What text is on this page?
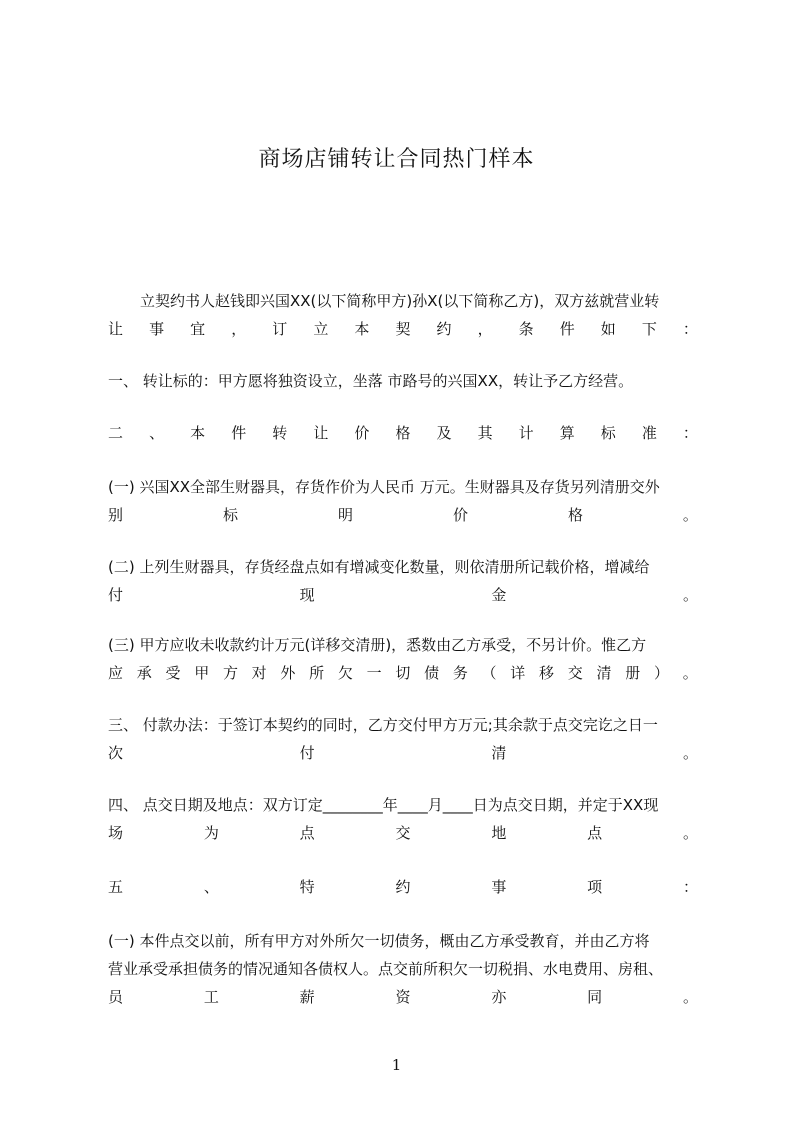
商场店铺转让合同热门样本
立契约书人赵钱即兴国XX(以下简称甲方)孙X(以下简称乙方)，双方兹就营业转
让 事 宜 ， 订 立 本 契 约 ， 条 件 如 下 ：
一、 转让标的：甲方愿将独资设立，坐落 市路号的兴国XX，转让予乙方经营。
二 、 本 件 转 让 价 格 及 其 计 算 标 准 ：
(一) 兴国XX全部生财器具，存货作价为人民币 万元。生财器具及存货另列清册交外
别	标	明	价	格	。
(二) 上列生财器具，存货经盘点如有增减变化数量，则依清册所记载价格，增减给
付	现	金	。
(三) 甲方应收未收款约计万元(详移交清册)，悉数由乙方承受，不另计价。惟乙方
应 承 受 甲 方 对 外 所 欠 一 切 债 务 （ 详 移 交 清 册 ） 。
三、 付款办法：于签订本契约的同时，乙方交付甲方万元;其余款于点交完讫之日一
次	付	清	。
四、 点交日期及地点：双方订定________年____月____日为点交日期，并定于XX现
场	为	点	交	地	点	。
五	、	特	约	事	项	：
(一) 本件点交以前，所有甲方对外所欠一切债务，概由乙方承受教育，并由乙方将
营业承受承担债务的情况通知各债权人。点交前所积欠一切税捐、水电费用、房租、
员	工	薪	资	亦	同	。
1
